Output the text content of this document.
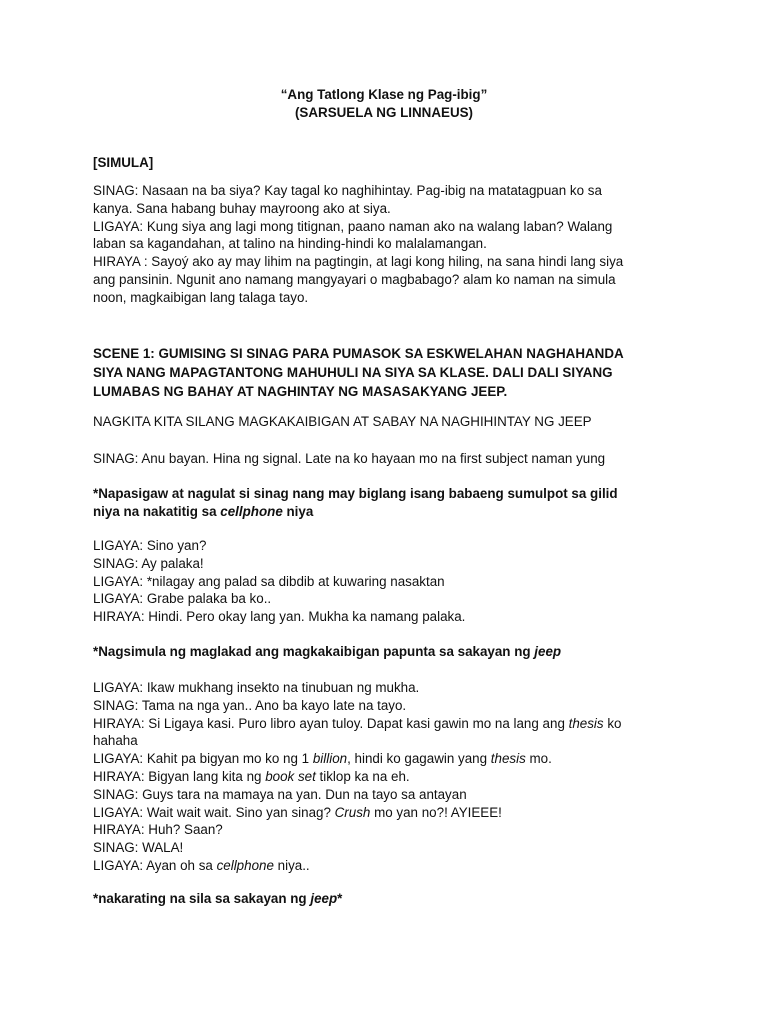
“Ang Tatlong Klase ng Pag-ibig”

(SARSUELA NG LINNAEUS)

[SIMULA]

SINAG: Nasaan na ba siya? Kay tagal ko naghihintay. Pag-ibig na matatagpuan ko sa
kanya. Sana habang buhay mayroong ako at siya.
LIGAYA: Kung siya ang lagi mong titignan, paano naman ako na walang laban? Walang
laban sa kagandahan, at talino na hinding-hindi ko malalamangan.
HIRAYA : Sayoý ako ay may lihim na pagtingin, at lagi kong hiling, na sana hindi lang siya
ang pansinin. Ngunit ano namang mangyayari o magbabago? alam ko naman na simula
noon, magkaibigan lang talaga tayo.
SCENE 1: GUMISING SI SINAG PARA PUMASOK SA ESKWELAHAN NAGHAHANDA
SIYA NANG MAPAGTANTONG MAHUHULI NA SIYA SA KLASE. DALI DALI SIYANG
LUMABAS NG BAHAY AT NAGHINTAY NG MASASAKYANG JEEP.

NAGKITA KITA SILANG MAGKAKAIBIGAN AT SABAY NA NAGHIHINTAY NG JEEP

SINAG: Anu bayan. Hina ng signal. Late na ko hayaan mo na first subject naman yung

*Napasigaw at nagulat si sinag nang may biglang isang babaeng sumulpot sa gilid
niya na nakatitig sa cellphone niya
LIGAYA: Sino yan?
SINAG: Ay palaka!
LIGAYA: *nilagay ang palad sa dibdib at kuwaring nasaktan
LIGAYA: Grabe palaka ba ko..
HIRAYA: Hindi. Pero okay lang yan. Mukha ka namang palaka.

*Nagsimula ng maglakad ang magkakaibigan papunta sa sakayan ng jeep

LIGAYA: Ikaw mukhang insekto na tinubuan ng mukha.
SINAG: Tama na nga yan.. Ano ba kayo late na tayo.
HIRAYA: Si Ligaya kasi. Puro libro ayan tuloy. Dapat kasi gawin mo na lang ang thesis ko
hahaha
LIGAYA: Kahit pa bigyan mo ko ng 1 billion, hindi ko gagawin yang thesis mo.
HIRAYA: Bigyan lang kita ng book set tiklop ka na eh.
SINAG: Guys tara na mamaya na yan. Dun na tayo sa antayan
LIGAYA: Wait wait wait. Sino yan sinag? Crush mo yan no?! AYIEEE!
HIRAYA: Huh? Saan?
SINAG: WALA!
LIGAYA: Ayan oh sa cellphone niya..

*nakarating na sila sa sakayan ng jeep*
